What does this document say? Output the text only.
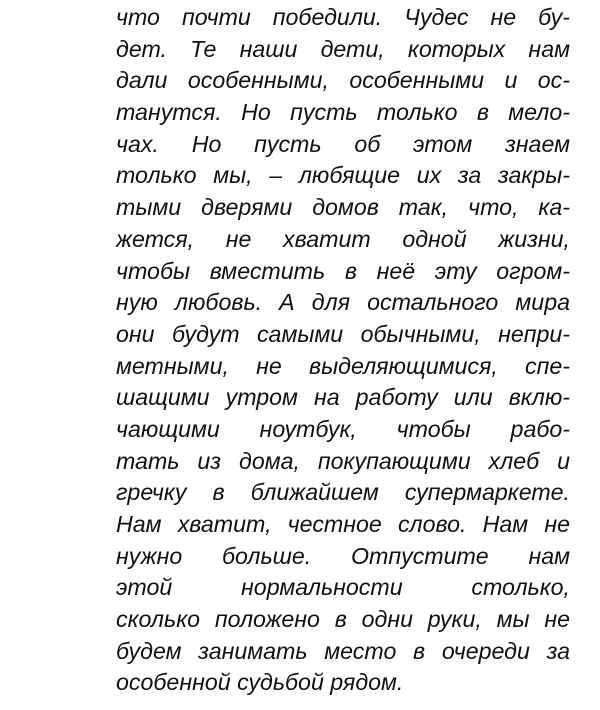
что почти победили. Чудес не бу-
дет. Те наши дети, которых нам
дали особенными, особенными и ос-
танутся. Но пусть только в мело-
чах. Но пусть об этом знаем
только мы, – любящие их за закры-
тыми дверями домов так, что, ка-
жется, не хватит одной жизни,
чтобы вместить в неё эту огром-
ную любовь. А для остального мира
они будут самыми обычными, непри-
метными, не выделяющимися, спе-
шащими утром на работу или вклю-
чающими ноутбук, чтобы рабо-
тать из дома, покупающими хлеб и
гречку в ближайшем супермаркете.
Нам хватит, честное слово. Нам не
нужно больше. Отпустите нам
этой нормальности столько,
сколько положено в одни руки, мы не
будем занимать место в очереди за
особенной судьбой рядом.
